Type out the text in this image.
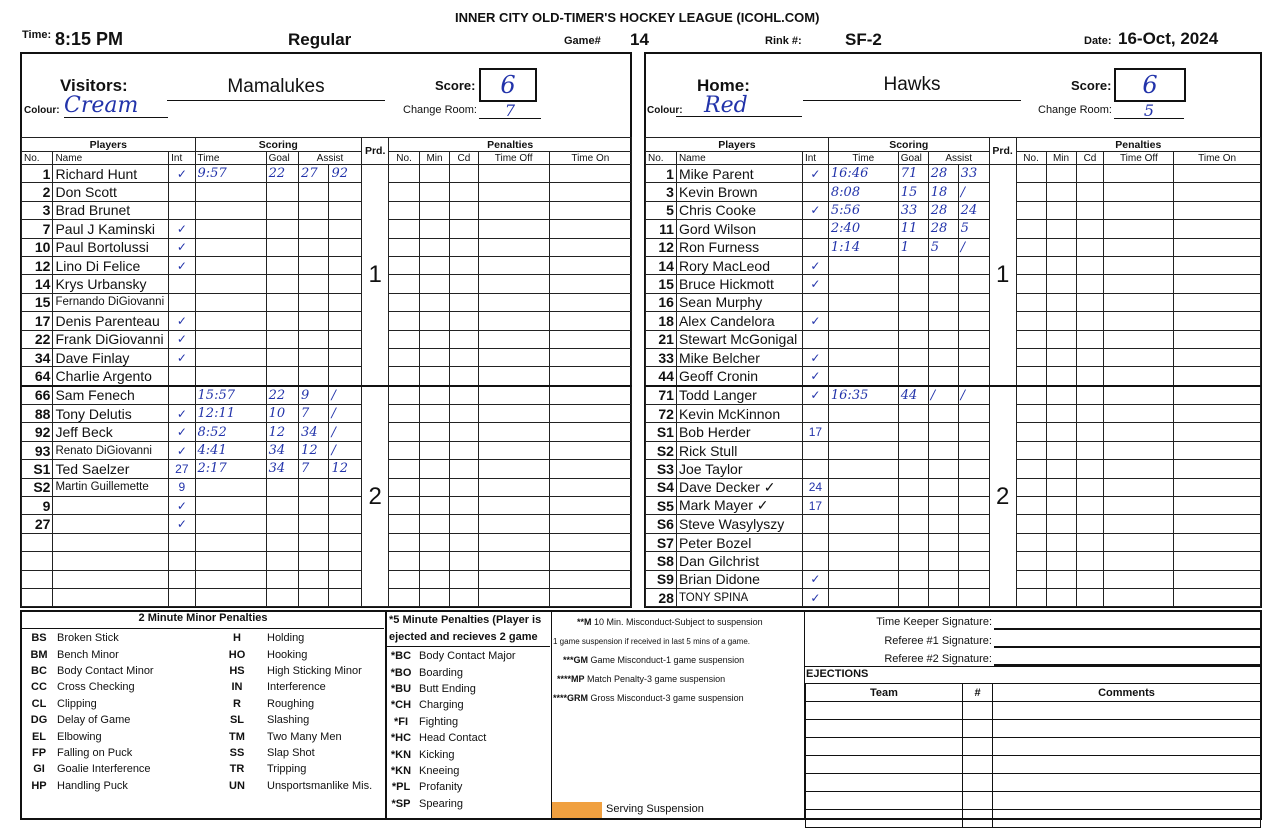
INNER CITY OLD-TIMER'S HOCKEY LEAGUE (ICOHL.COM)
Time: 8:15 PM	Regular	Game# 14	Rink #:	SF-2	Date: 16-Oct, 2024
Visitors:	Mamalukes
Colour: Cream
Score:	6
Change Room:	7
Players			Scoring				Prd.	Penalties				
No.	Name	Int	Time	Goal	Assist			No.	Min	Cd	Time Off	Time On
1	Richard Hunt	✓	9:57	22	27	92	1					
2	Don Scott											
3	Brad Brunet											
7	Paul J Kaminski	✓										
10	Paul Bortolussi	✓										
12	Lino Di Felice	✓										
14	Krys Urbansky											
15	Fernando DiGiovanni											
17	Denis Parenteau	✓										
22	Frank DiGiovanni	✓										
34	Dave Finlay	✓										
64	Charlie Argento											
66	Sam Fenech		15:57	22	9	/	2					
88	Tony Delutis	✓	12:11	10	7	/						
92	Jeff Beck	✓	8:52	12	34	/						
93	Renato DiGiovanni	✓	4:41	34	12	/						
S1	Ted Saelzer	27	2:17	34	7	12						
S2	Martin Guillemette	9										
9		✓										
27		✓										

Home:	Hawks
Colour: Red
Score:	6
Change Room:	5
Players			Scoring				Prd.	Penalties				
No.	Name	Int	Time	Goal	Assist			No.	Min	Cd	Time Off	Time On
1	Mike Parent	✓	16:46	71	28	33	1					
3	Kevin Brown		8:08	15	18	/						
5	Chris Cooke	✓	5:56	33	28	24						
11	Gord Wilson		2:40	11	28	5						
12	Ron Furness		1:14	1	5	/						
14	Rory MacLeod	✓										
15	Bruce Hickmott	✓										
16	Sean Murphy											
18	Alex Candelora	✓										
21	Stewart McGonigal											
33	Mike Belcher	✓										
44	Geoff Cronin	✓										
71	Todd Langer	✓	16:35	44	/	/	2					
72	Kevin McKinnon											
S1	Bob Herder	17										
S2	Rick Stull											
S3	Joe Taylor											
S4	Dave Decker ✓	24										
S5	Mark Mayer ✓	17										
S6	Steve Wasylyszy											
S7	Peter Bozel											
S8	Dan Gilchrist											
S9	Brian Didone	✓										
28	TONY SPINA	✓										
2 Minute Minor Penalties
BS	Broken Stick
BM	Bench Minor
BC	Body Contact Minor
CC	Cross Checking
CL	Clipping
DG	Delay of Game
EL	Elbowing
FP	Falling on Puck
GI	Goalie Interference
HP	Handling Puck
H	Holding
HO	Hooking
HS	High Sticking Minor
IN	Interference
R	Roughing
SL	Slashing
TM	Two Many Men
SS	Slap Shot
TR	Tripping
UN	Unsportsmanlike Mis.
*5 Minute Penalties (Player is
ejected and recieves 2 game
*BC	Body Contact Major
*BO	Boarding
*BU	Butt Ending
*CH	Charging
*FI	Fighting
*HC	Head Contact
*KN	Kicking
*KN	Kneeing
*PL	Profanity
*SP	Spearing
**M 10 Min. Misconduct-Subject to suspension
1 game suspension if received in last 5 mins of a game.
***GM Game Misconduct-1 game suspension
****MP Match Penalty-3 game suspension
****GRM Gross Misconduct-3 game suspension
Serving Suspension
Time Keeper Signature:
Referee #1 Signature:
Referee #2 Signature:
EJECTIONS
Team	#	Comments
